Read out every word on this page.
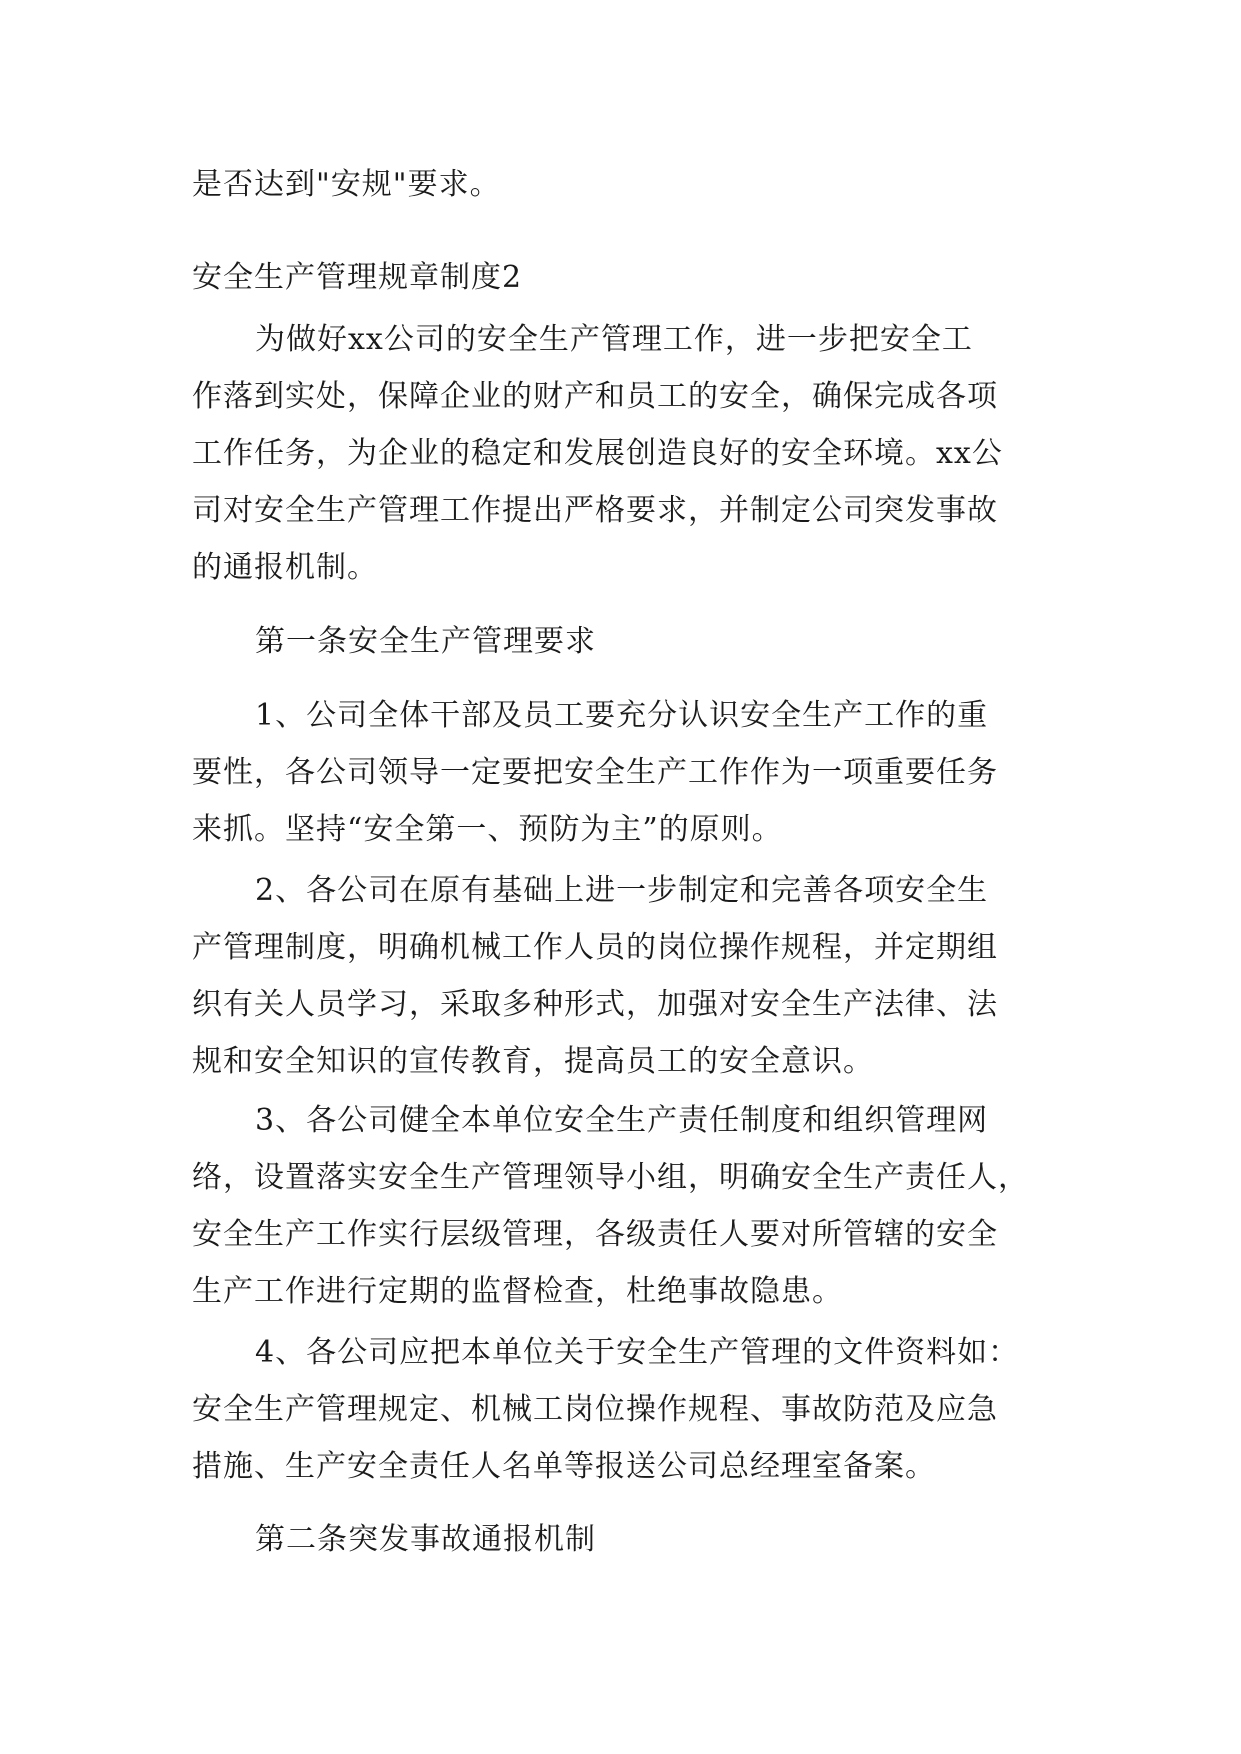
是否达到"安规"要求。
安全生产管理规章制度2
为做好xx公司的安全生产管理工作，进一步把安全工
作落到实处，保障企业的财产和员工的安全，确保完成各项
工作任务，为企业的稳定和发展创造良好的安全环境。xx公
司对安全生产管理工作提出严格要求，并制定公司突发事故
的通报机制。
第一条安全生产管理要求
1、公司全体干部及员工要充分认识安全生产工作的重
要性，各公司领导一定要把安全生产工作作为一项重要任务
来抓。坚持“安全第一、预防为主”的原则。
2、各公司在原有基础上进一步制定和完善各项安全生
产管理制度，明确机械工作人员的岗位操作规程，并定期组
织有关人员学习，采取多种形式，加强对安全生产法律、法
规和安全知识的宣传教育，提高员工的安全意识。
3、各公司健全本单位安全生产责任制度和组织管理网
络，设置落实安全生产管理领导小组，明确安全生产责任人，
安全生产工作实行层级管理，各级责任人要对所管辖的安全
生产工作进行定期的监督检查，杜绝事故隐患。
4、各公司应把本单位关于安全生产管理的文件资料如：
安全生产管理规定、机械工岗位操作规程、事故防范及应急
措施、生产安全责任人名单等报送公司总经理室备案。
第二条突发事故通报机制
